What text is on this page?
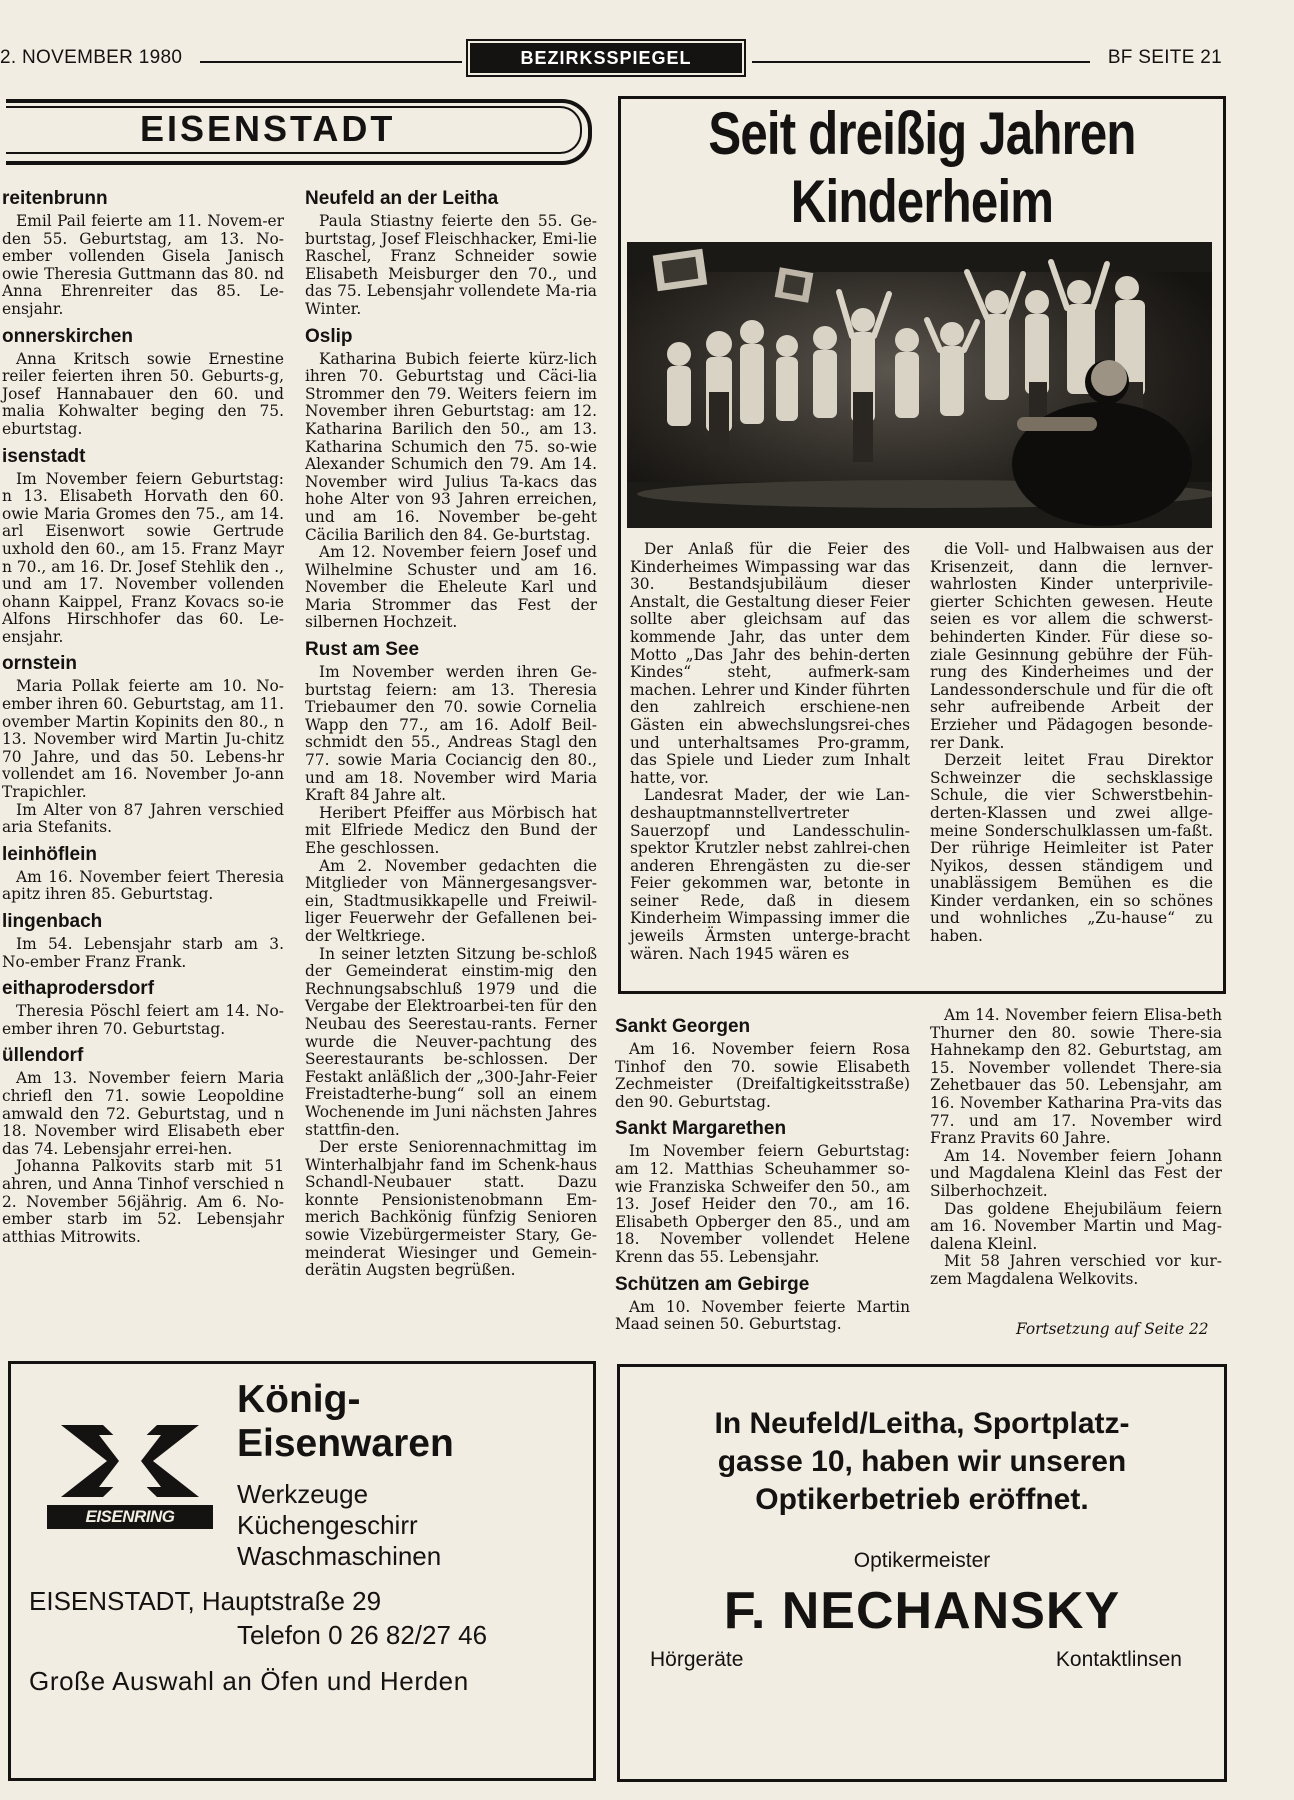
2. NOVEMBER 1980	BEZIRKSSPIEGEL	BF SEITE 21
EISENSTADT
reitenbrunn

Emil Pail feierte am 11. Novem-er den 55. Geburtstag, am 13. No-ember vollenden Gisela Janisch owie Theresia Guttmann das 80. nd Anna Ehrenreiter das 85. Le-ensjahr.

onnerskirchen

Anna Kritsch sowie Ernestine reiler feierten ihren 50. Geburts-g, Josef Hannabauer den 60. und malia Kohwalter beging den 75. eburtstag.

isenstadt

Im November feiern Geburtstag: n 13. Elisabeth Horvath den 60. owie Maria Gromes den 75., am 14. arl Eisenwort sowie Gertrude uxhold den 60., am 15. Franz Mayr n 70., am 16. Dr. Josef Stehlik den ., und am 17. November vollenden ohann Kaippel, Franz Kovacs so-ie Alfons Hirschhofer das 60. Le-ensjahr.

ornstein

Maria Pollak feierte am 10. No-ember ihren 60. Geburtstag, am 11. ovember Martin Kopinits den 80., n 13. November wird Martin Ju-chitz 70 Jahre, und das 50. Lebens-hr vollendet am 16. November Jo-ann Trapichler.

Im Alter von 87 Jahren verschied aria Stefanits.

leinhöflein

Am 16. November feiert Theresia apitz ihren 85. Geburtstag.

lingenbach

Im 54. Lebensjahr starb am 3. No-ember Franz Frank.

eithaprodersdorf

Theresia Pöschl feiert am 14. No-ember ihren 70. Geburtstag.

üllendorf

Am 13. November feiern Maria chriefl den 71. sowie Leopoldine amwald den 72. Geburtstag, und n 18. November wird Elisabeth eber das 74. Lebensjahr errei-hen.

Johanna Palkovits starb mit 51 ahren, und Anna Tinhof verschied n 2. November 56jährig. Am 6. No-ember starb im 52. Lebensjahr atthias Mitrowits.

Neufeld an der Leitha

Paula Stiastny feierte den 55. Ge-burtstag, Josef Fleischhacker, Emi-lie Raschel, Franz Schneider sowie Elisabeth Meisburger den 70., und das 75. Lebensjahr vollendete Ma-ria Winter.

Oslip

Katharina Bubich feierte kürz-lich ihren 70. Geburtstag und Cäci-lia Strommer den 79. Weiters feiern im November ihren Geburtstag: am 12. Katharina Barilich den 50., am 13. Katharina Schumich den 75. so-wie Alexander Schumich den 79. Am 14. November wird Julius Ta-kacs das hohe Alter von 93 Jahren erreichen, und am 16. November be-geht Cäcilia Barilich den 84. Ge-burtstag.

Am 12. November feiern Josef und Wilhelmine Schuster und am 16. November die Eheleute Karl und Maria Strommer das Fest der silbernen Hochzeit.

Rust am See

Im November werden ihren Ge-burtstag feiern: am 13. Theresia Triebaumer den 70. sowie Cornelia Wapp den 77., am 16. Adolf Beil-schmidt den 55., Andreas Stagl den 77. sowie Maria Cociancig den 80., und am 18. November wird Maria Kraft 84 Jahre alt.

Heribert Pfeiffer aus Mörbisch hat mit Elfriede Medicz den Bund der Ehe geschlossen.

Am 2. November gedachten die Mitglieder von Männergesangsver-ein, Stadtmusikkapelle und Freiwil-liger Feuerwehr der Gefallenen bei-der Weltkriege.

In seiner letzten Sitzung be-schloß der Gemeinderat einstim-mig den Rechnungsabschluß 1979 und die Vergabe der Elektroarbei-ten für den Neubau des Seerestau-rants. Ferner wurde die Neuver-pachtung des Seerestaurants be-schlossen. Der Festakt anläßlich der „300-Jahr-Feier Freistadterhe-bung“ soll an einem Wochenende im Juni nächsten Jahres stattfin-den.

Der erste Seniorennachmittag im Winterhalbjahr fand im Schenk-haus Schandl-Neubauer statt. Dazu konnte Pensionistenobmann Em-merich Bachkönig fünfzig Senioren sowie Vizebürgermeister Stary, Ge-meinderat Wiesinger und Gemein-derätin Augsten begrüßen.

Seit dreißig Jahren
Kinderheim

Der Anlaß für die Feier des Kinderheimes Wimpassing war das 30. Bestandsjubiläum dieser Anstalt, die Gestaltung dieser Feier sollte aber gleichsam auf das kommende Jahr, das unter dem Motto „Das Jahr des behin-derten Kindes“ steht, aufmerk-sam machen. Lehrer und Kinder führten den zahlreich erschiene-nen Gästen ein abwechslungsrei-ches und unterhaltsames Pro-gramm, das Spiele und Lieder zum Inhalt hatte, vor.

Landesrat Mader, der wie Lan-deshauptmannstellvertreter Sauerzopf und Landesschulin-spektor Krutzler nebst zahlrei-chen anderen Ehrengästen zu die-ser Feier gekommen war, betonte in seiner Rede, daß in diesem Kinderheim Wimpassing immer die jeweils Ärmsten unterge-bracht wären. Nach 1945 wären es

die Voll- und Halbwaisen aus der Krisenzeit, dann die lernver-wahrlosten Kinder unterprivile-gierter Schichten gewesen. Heute seien es vor allem die schwerst-behinderten Kinder. Für diese so-ziale Gesinnung gebühre der Füh-rung des Kinderheimes und der Landessonderschule und für die oft sehr aufreibende Arbeit der Erzieher und Pädagogen besonde-rer Dank.

Derzeit leitet Frau Direktor Schweinzer die sechsklassige Schule, die vier Schwerstbehin-derten-Klassen und zwei allge-meine Sonderschulklassen um-faßt. Der rührige Heimleiter ist Pater Nyikos, dessen ständigem und unablässigem Bemühen es die Kinder verdanken, ein so schönes und wohnliches „Zu-hause“ zu haben.

Sankt Georgen

Am 16. November feiern Rosa Tinhof den 70. sowie Elisabeth Zechmeister (Dreifaltigkeitsstraße) den 90. Geburtstag.

Sankt Margarethen

Im November feiern Geburtstag: am 12. Matthias Scheuhammer so-wie Franziska Schweifer den 50., am 13. Josef Heider den 70., am 16. Elisabeth Opberger den 85., und am 18. November vollendet Helene Krenn das 55. Lebensjahr.

Schützen am Gebirge

Am 10. November feierte Martin Maad seinen 50. Geburtstag.

Am 14. November feiern Elisa-beth Thurner den 80. sowie There-sia Hahnekamp den 82. Geburtstag, am 15. November vollendet There-sia Zehetbauer das 50. Lebensjahr, am 16. November Katharina Pra-vits das 77. und am 17. November wird Franz Pravits 60 Jahre.

Am 14. November feiern Johann und Magdalena Kleinl das Fest der Silberhochzeit.

Das goldene Ehejubiläum feiern am 16. November Martin und Mag-dalena Kleinl.

Mit 58 Jahren verschied vor kur-zem Magdalena Welkovits.

Fortsetzung auf Seite 22
EISENRING
König-
Eisenwaren
Werkzeuge
Küchengeschirr
Waschmaschinen
EISENSTADT, Hauptstraße 29
Telefon 0 26 82/27 46
Große Auswahl an Öfen und Herden
In Neufeld/Leitha, Sportplatz-
gasse 10, haben wir unseren
Optikerbetrieb eröffnet.
Optikermeister
F. NECHANSKY
Hörgeräte	Kontaktlinsen
